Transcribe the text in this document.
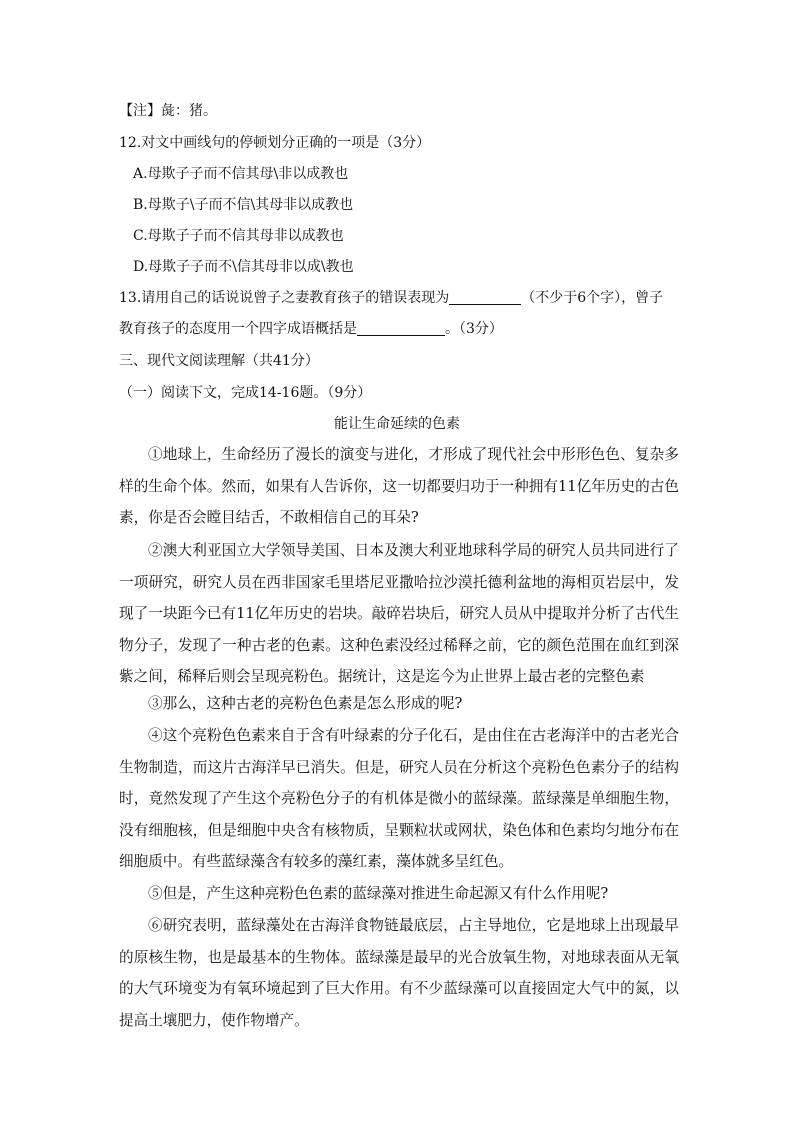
【注】彘：猪。

12.对文中画线句的停顿划分正确的一项是（3分）

A.母欺子子而不信其母\非以成教也

B.母欺子\子而不信\其母非以成教也

C.母欺子子而不信其母非以成教也

D.母欺子子而不\信其母非以成\教也

13.请用自己的话说说曾子之妻教育孩子的错误表现为	（不少于6个字），曾子

教育孩子的态度用一个四字成语概括是	。（3分）

三、现代文阅读理解（共41分）

（一）阅读下文，完成14-16题。（9分）

能让生命延续的色素

①地球上，生命经历了漫长的演变与进化，才形成了现代社会中形形色色、复杂多样的生命个体。然而，如果有人告诉你，这一切都要归功于一种拥有11亿年历史的古色素，你是否会瞠目结舌，不敢相信自己的耳朵?

②澳大利亚国立大学领导美国、日本及澳大利亚地球科学局的研究人员共同进行了一项研究，研究人员在西非国家毛里塔尼亚撒哈拉沙漠托德利盆地的海相页岩层中，发现了一块距今已有11亿年历史的岩块。敲碎岩块后，研究人员从中提取并分析了古代生物分子，发现了一种古老的色素。这种色素没经过稀释之前，它的颜色范围在血红到深紫之间，稀释后则会呈现亮粉色。据统计，这是迄今为止世界上最古老的完整色素

③那么，这种古老的亮粉色色素是怎么形成的呢?

④这个亮粉色色素来自于含有叶绿素的分子化石，是由住在古老海洋中的古老光合生物制造，而这片古海洋早已消失。但是，研究人员在分析这个亮粉色色素分子的结构时，竟然发现了产生这个亮粉色分子的有机体是微小的蓝绿藻。蓝绿藻是单细胞生物，没有细胞核，但是细胞中央含有核物质，呈颗粒状或网状，染色体和色素均匀地分布在细胞质中。有些蓝绿藻含有较多的藻红素，藻体就多呈红色。

⑤但是，产生这种亮粉色色素的蓝绿藻对推进生命起源又有什么作用呢?

⑥研究表明，蓝绿藻处在古海洋食物链最底层，占主导地位，它是地球上出现最早的原核生物，也是最基本的生物体。蓝绿藻是最早的光合放氧生物，对地球表面从无氧的大气环境变为有氧环境起到了巨大作用。有不少蓝绿藻可以直接固定大气中的氮，以提高土壤肥力，使作物增产。
